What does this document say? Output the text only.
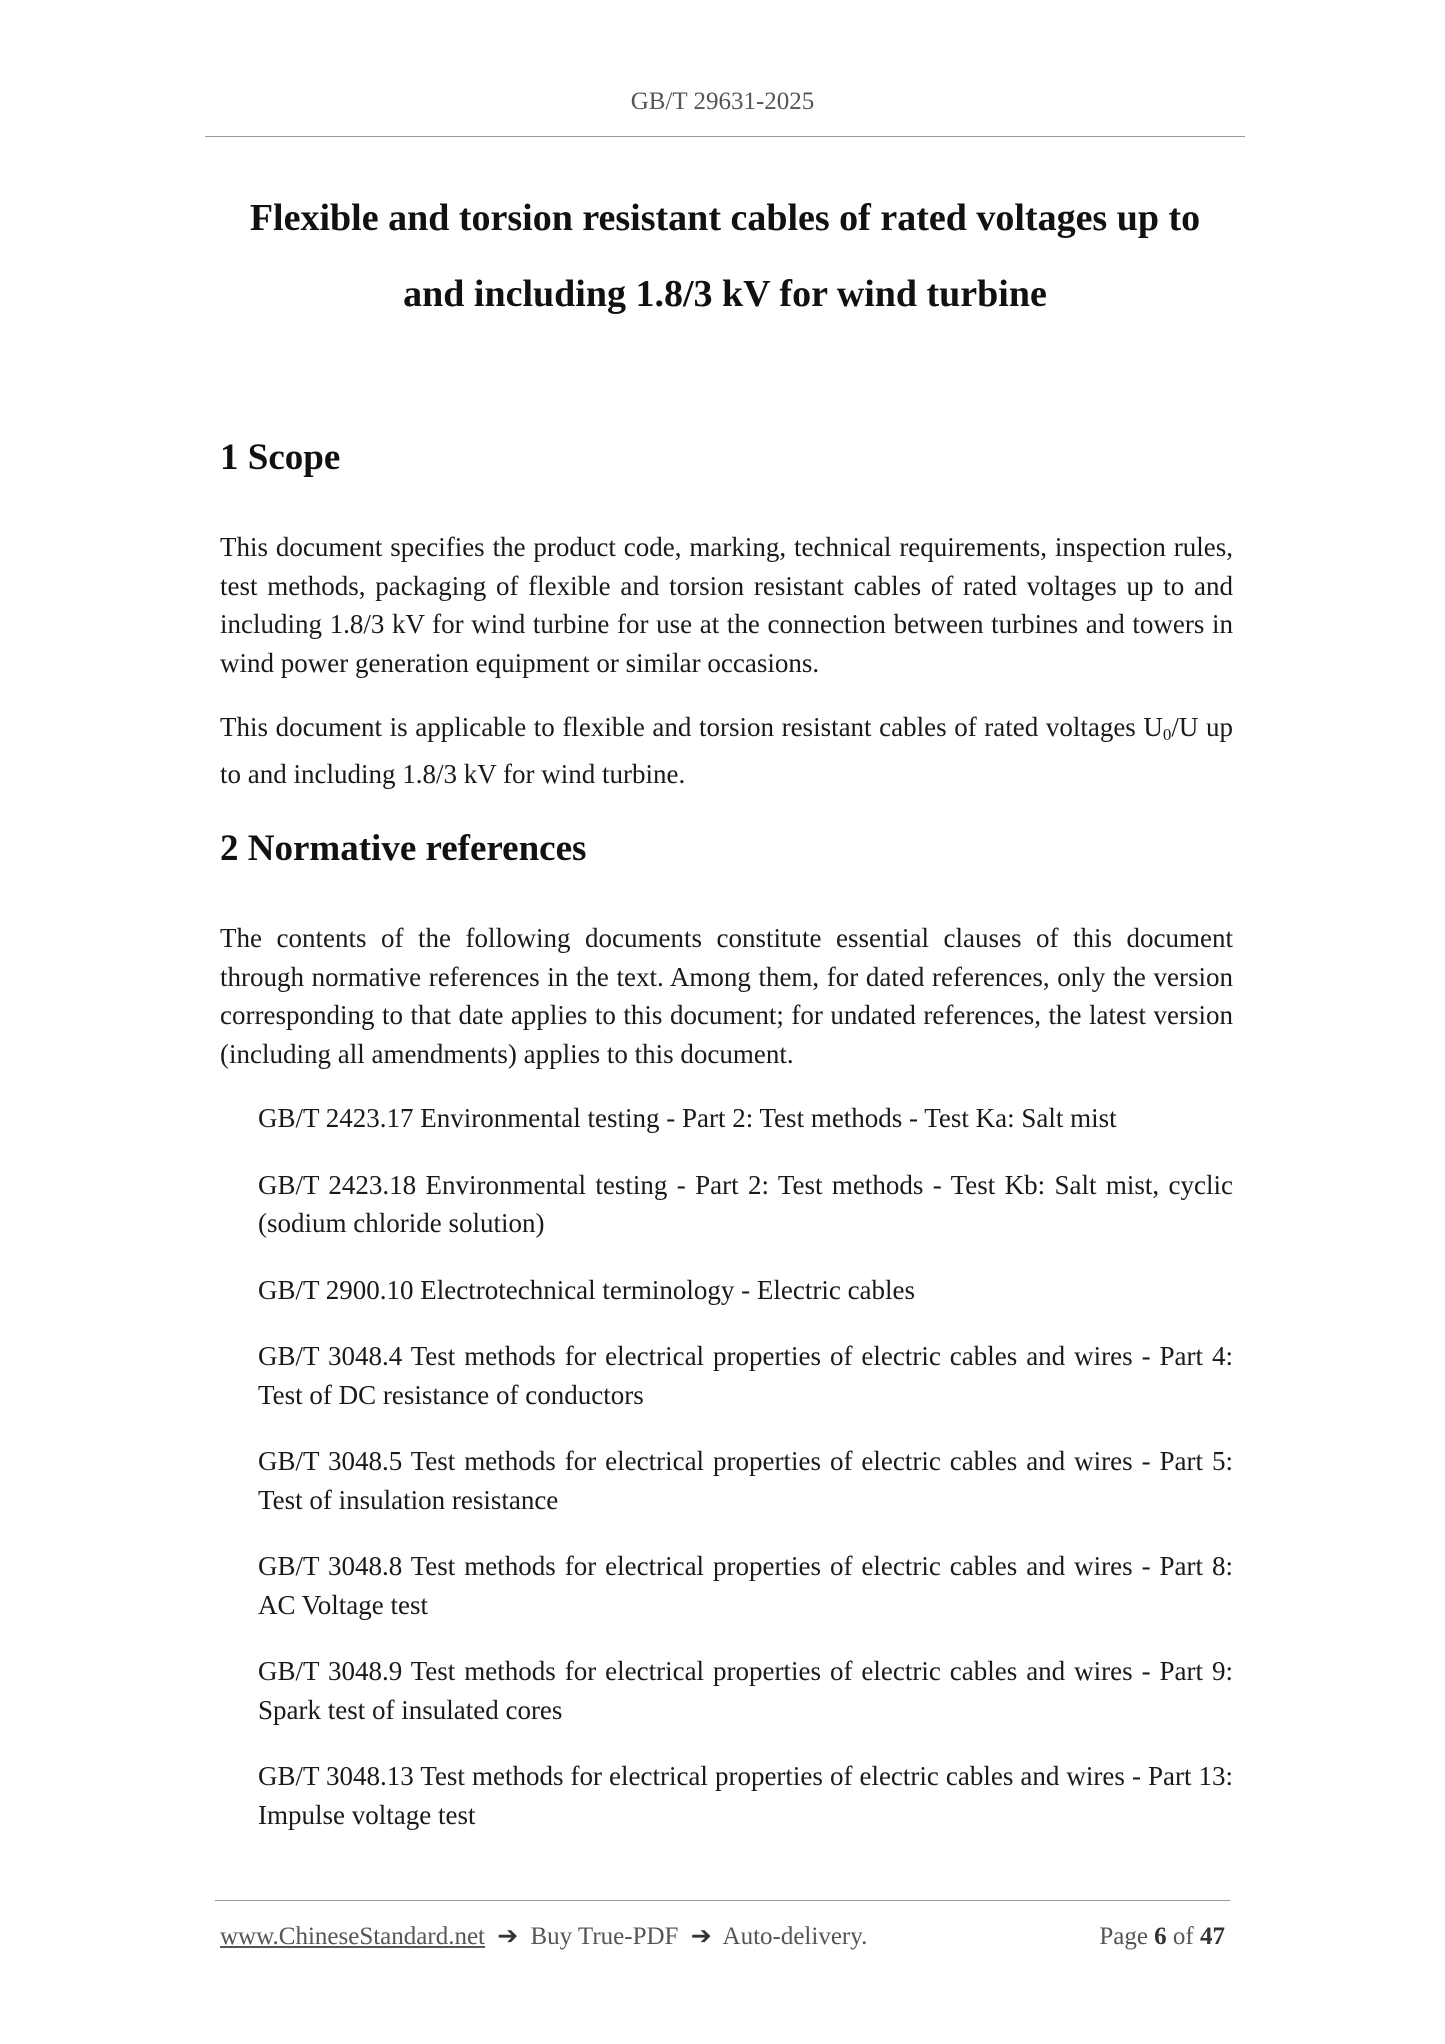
GB/T 29631-2025
Flexible and torsion resistant cables of rated voltages up to
and including 1.8/3 kV for wind turbine
1 Scope

This document specifies the product code, marking, technical requirements, inspection rules, test methods, packaging of flexible and torsion resistant cables of rated voltages up to and including 1.8/3 kV for wind turbine for use at the connection between turbines and towers in wind power generation equipment or similar occasions.

This document is applicable to flexible and torsion resistant cables of rated voltages $U_0/U$ up to and including 1.8/3 kV for wind turbine.

2 Normative references

The contents of the following documents constitute essential clauses of this document through normative references in the text. Among them, for dated references, only the version corresponding to that date applies to this document; for undated references, the latest version (including all amendments) applies to this document.

GB/T 2423.17 Environmental testing - Part 2: Test methods - Test Ka: Salt mist
GB/T 2423.18 Environmental testing - Part 2: Test methods - Test Kb: Salt mist, cyclic (sodium chloride solution)
GB/T 2900.10 Electrotechnical terminology - Electric cables
GB/T 3048.4 Test methods for electrical properties of electric cables and wires - Part 4: Test of DC resistance of conductors
GB/T 3048.5 Test methods for electrical properties of electric cables and wires - Part 5: Test of insulation resistance
GB/T 3048.8 Test methods for electrical properties of electric cables and wires - Part 8: AC Voltage test
GB/T 3048.9 Test methods for electrical properties of electric cables and wires - Part 9: Spark test of insulated cores
GB/T 3048.13 Test methods for electrical properties of electric cables and wires - Part 13: Impulse voltage test
www.ChineseStandard.net ➔ Buy True-PDF ➔ Auto-delivery.	Page 6 of 47
